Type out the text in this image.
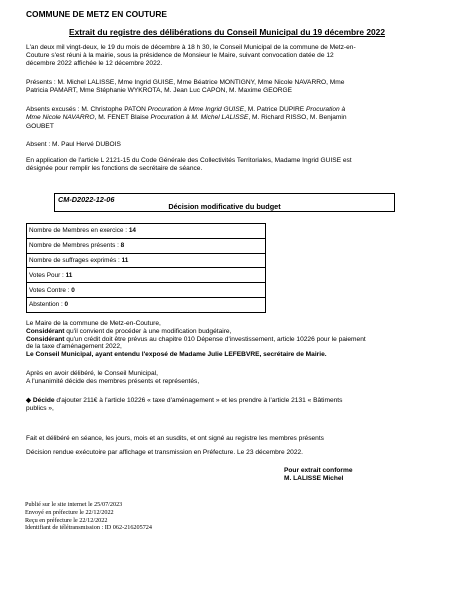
COMMUNE DE METZ EN COUTURE
Extrait du registre des délibérations du Conseil Municipal du 19 décembre 2022
L'an deux mil vingt-deux, le 19 du mois de décembre à 18 h 30, le Conseil Municipal de la commune de Metz-en-
Couture s'est réuni à la mairie, sous la présidence de Monsieur le Maire, suivant convocation datée de 12
décembre 2022 affichée le 12 décembre 2022.
Présents : M. Michel LALISSE, Mme Ingrid GUISE, Mme Béatrice MONTIGNY, Mme Nicole NAVARRO, Mme
Patricia PAMART, Mme Stéphanie WYKROTA, M. Jean Luc CAPON, M. Maxime GEORGE
Absents excusés : M. Christophe PATON Procuration à Mme Ingrid GUISE, M. Patrice DUPIRE Procuration à
Mme Nicole NAVARRO, M. FENET Blaise Procuration à M. Michel LALISSE, M. Richard RISSO, M. Benjamin
GOUBET
Absent : M. Paul Hervé DUBOIS
En application de l'article L 2121-15 du Code Générale des Collectivités Territoriales, Madame Ingrid GUISE est
désignée pour remplir les fonctions de secrétaire de séance.
CM-D2022-12-06
Décision modificative du budget
Nombre de Membres en exercice : 14
Nombre de Membres présents : 8
Nombre de suffrages exprimés : 11
Votes Pour : 11
Votes Contre : 0
Abstention : 0
Le Maire de la commune de Metz-en-Couture,
Considérant qu'il convient de procéder à une modification budgétaire,
Considérant qu'un crédit doit être prévus au chapitre 010 Dépense d'investissement, article 10226 pour le paiement
de la taxe d'aménagement 2022,
Le Conseil Municipal, ayant entendu l'exposé de Madame Julie LEFEBVRE, secrétaire de Mairie.
Après en avoir délibéré, le Conseil Municipal,
A l'unanimité décide des membres présents et représentés,
◆ Décide d'ajouter 211€ à l'article 10226 « taxe d'aménagement » et les prendre à l'article 2131 « Bâtiments
publics »,
Fait et délibéré en séance, les jours, mois et an susdits, et ont signé au registre les membres présents
Décision rendue exécutoire par affichage et transmission en Préfecture. Le 23 décembre 2022.
Pour extrait conforme
M. LALISSE Michel
Publié sur le site internet le 25/07/2023
Envoyé en préfecture le 22/12/2022
Reçu en préfecture le 22/12/2022
Identifiant de télétransmission : ID 062-216205724
